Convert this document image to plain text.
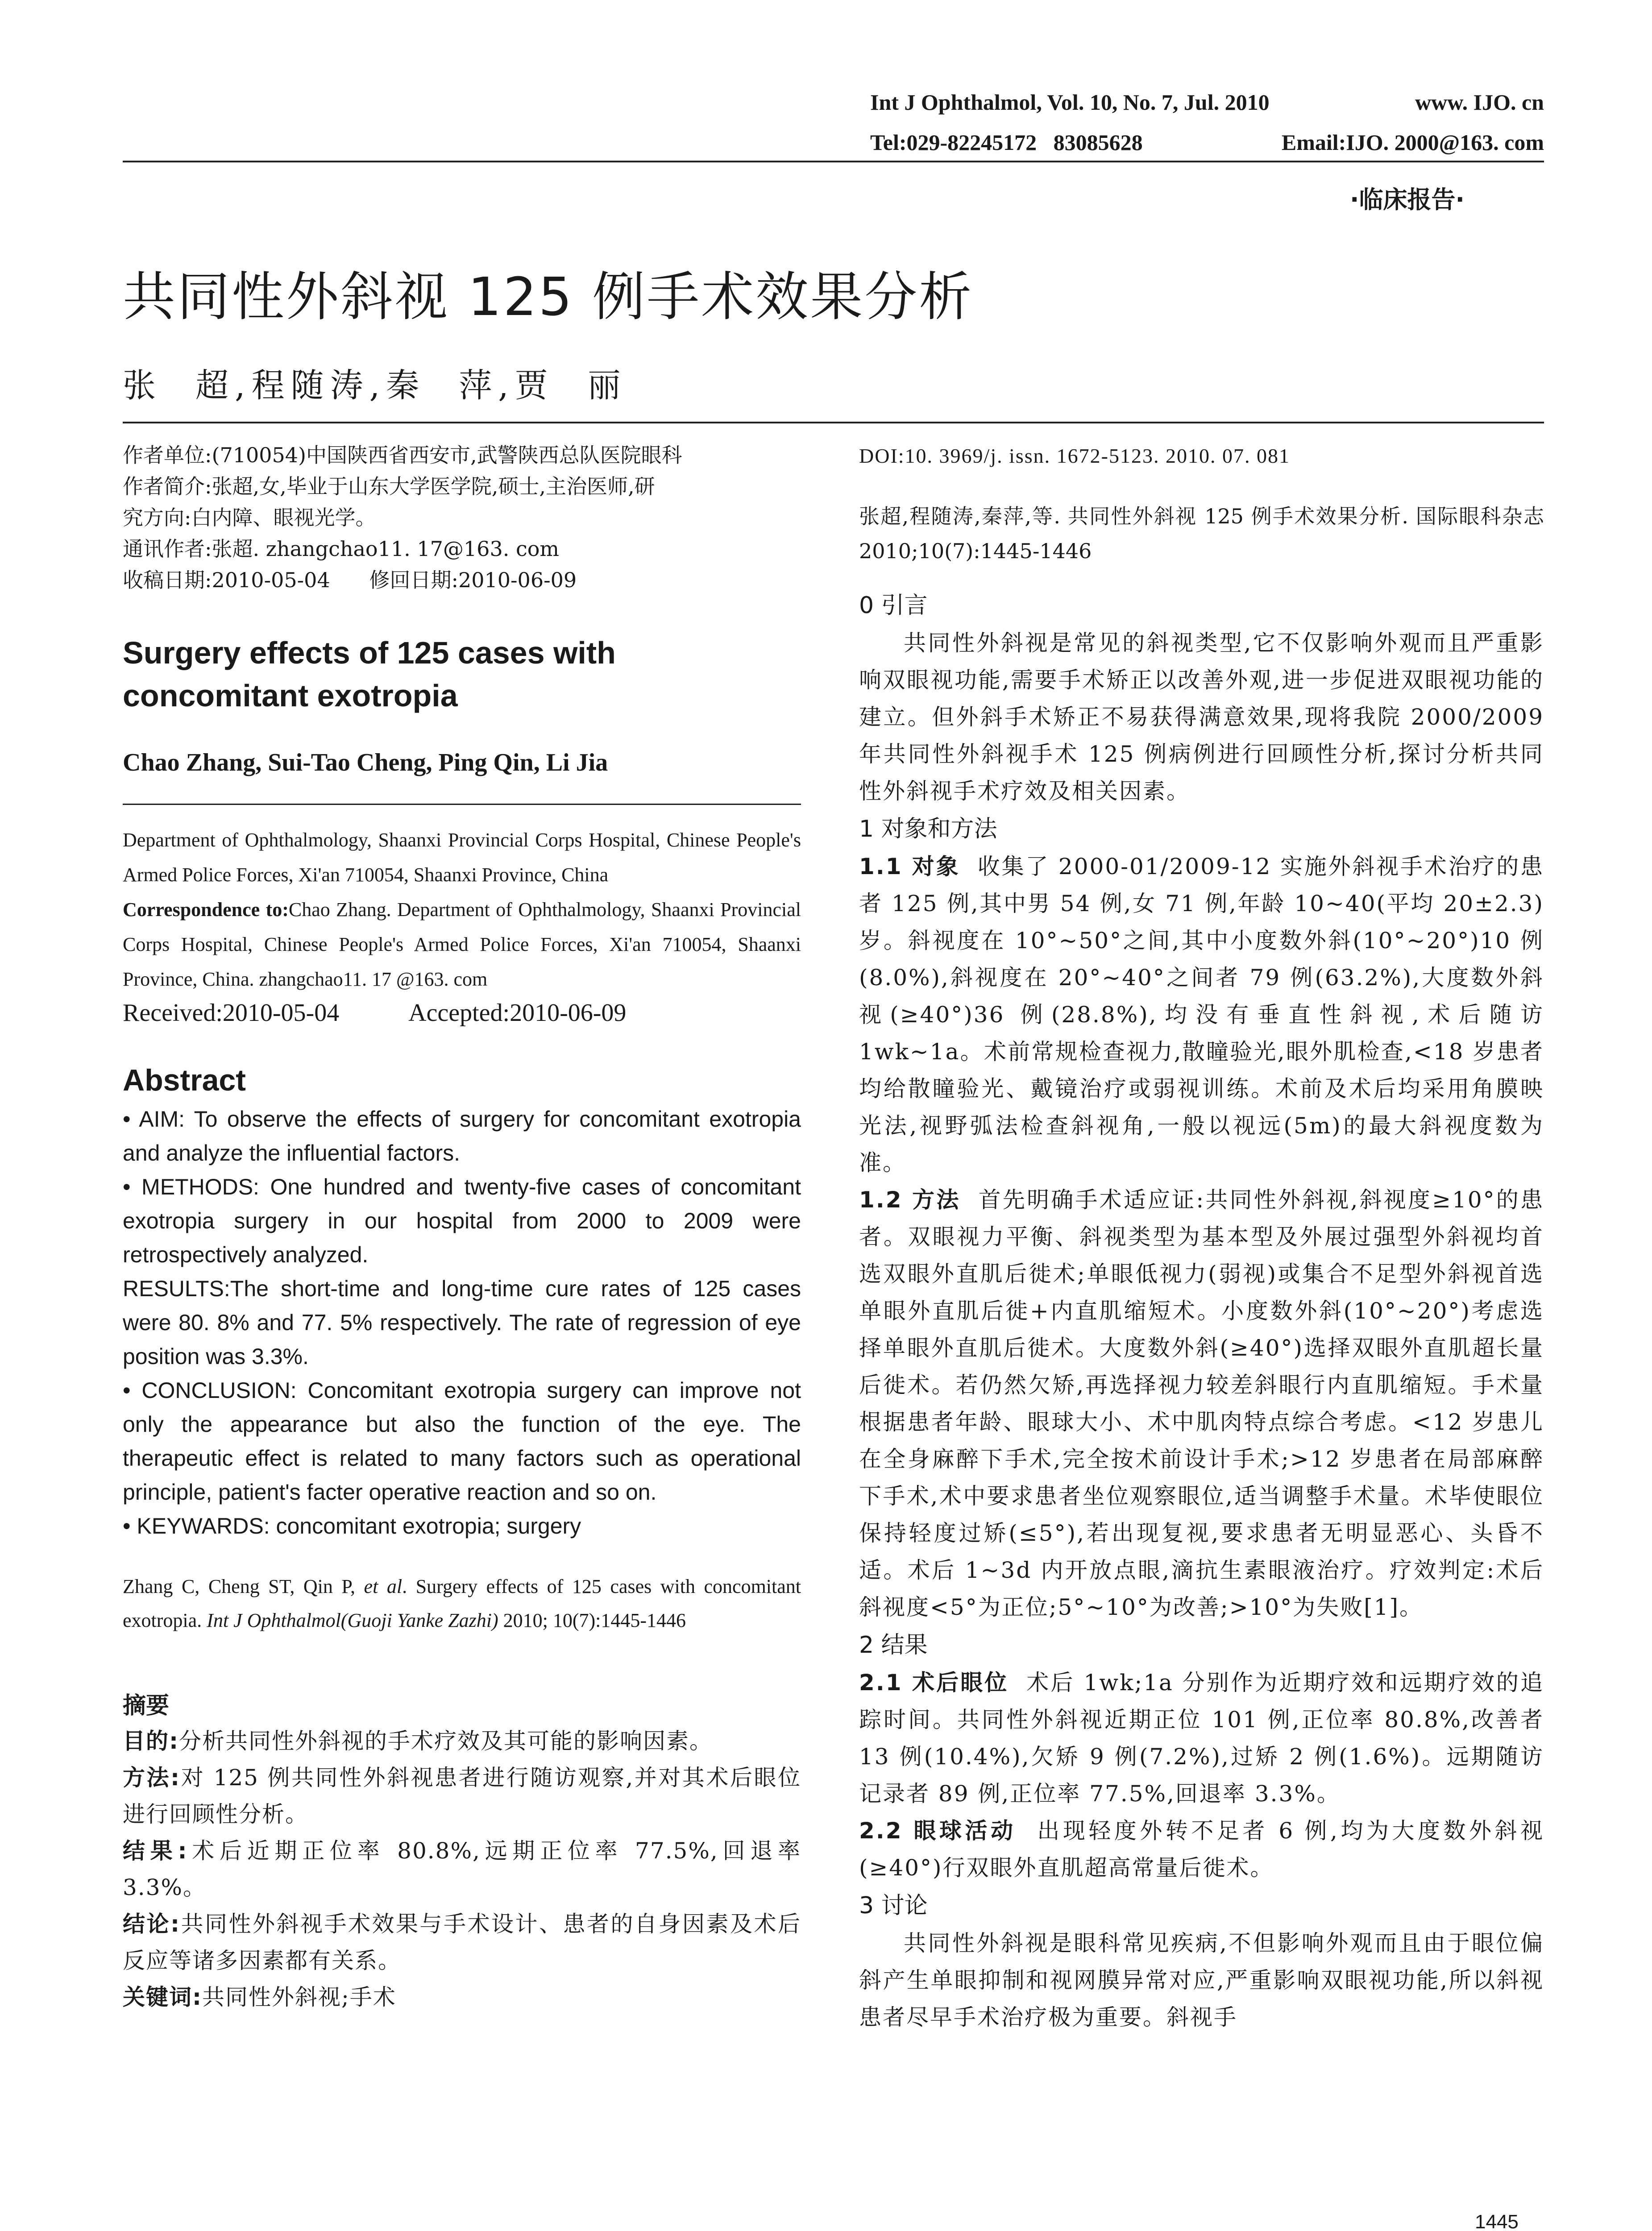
Int J Ophthalmol, Vol. 10, No. 7, Jul. 2010	www. IJO. cn
Tel:029-82245172   83085628	Email:IJO. 2000@163. com
·临床报告·
共同性外斜视 125 例手术效果分析
张  超,程随涛,秦  萍,贾  丽

作者单位:(710054)中国陕西省西安市,武警陕西总队医院眼科

作者简介:张超,女,毕业于山东大学医学院,硕士,主治医师,研

究方向:白内障、眼视光学。

通讯作者:张超. zhangchao11. 17@163. com

收稿日期:2010-05-04      修回日期:2010-06-09

Surgery effects of 125 cases with concomitant exotropia
Chao Zhang, Sui-Tao Cheng, Ping Qin, Li Jia
Department of Ophthalmology, Shaanxi Provincial Corps Hospital, Chinese People's Armed Police Forces, Xi'an 710054, Shaanxi Province, China
Correspondence to:Chao Zhang. Department of Ophthalmology, Shaanxi Provincial Corps Hospital, Chinese People's Armed Police Forces, Xi'an 710054, Shaanxi Province, China. zhangchao11. 17 @163. com
Received:2010-05-04	Accepted:2010-06-09
Abstract

• AIM: To observe the effects of surgery for concomitant exotropia and analyze the influential factors.

• METHODS: One hundred and twenty-five cases of concomitant exotropia surgery in our hospital from 2000 to 2009 were retrospectively analyzed.

RESULTS:The short-time and long-time cure rates of 125 cases were 80. 8% and 77. 5% respectively. The rate of regression of eye position was 3.3%.

• CONCLUSION: Concomitant exotropia surgery can improve not only the appearance but also the function of the eye. The therapeutic effect is related to many factors such as operational principle, patient's facter operative reaction and so on.

• KEYWARDS: concomitant exotropia; surgery

Zhang C, Cheng ST, Qin P, et al. Surgery effects of 125 cases with concomitant exotropia. Int J Ophthalmol(Guoji Yanke Zazhi) 2010; 10(7):1445-1446
摘要

目的:分析共同性外斜视的手术疗效及其可能的影响因素。

方法:对 125 例共同性外斜视患者进行随访观察,并对其术后眼位进行回顾性分析。

结果:术后近期正位率 80.8%,远期正位率 77.5%,回退率 3.3%。

结论:共同性外斜视手术效果与手术设计、患者的自身因素及术后反应等诸多因素都有关系。

关键词:共同性外斜视;手术

DOI:10. 3969/j. issn. 1672-5123. 2010. 07. 081
张超,程随涛,秦萍,等. 共同性外斜视 125 例手术效果分析. 国际眼科杂志 2010;10(7):1445-1446
0 引言

共同性外斜视是常见的斜视类型,它不仅影响外观而且严重影响双眼视功能,需要手术矫正以改善外观,进一步促进双眼视功能的建立。但外斜手术矫正不易获得满意效果,现将我院 2000/2009 年共同性外斜视手术 125 例病例进行回顾性分析,探讨分析共同性外斜视手术疗效及相关因素。

1 对象和方法

1.1 对象 收集了 2000-01/2009-12 实施外斜视手术治疗的患者 125 例,其中男 54 例,女 71 例,年龄 10~40(平均 20±2.3)岁。斜视度在 10°~50°之间,其中小度数外斜(10°~20°)10 例(8.0%),斜视度在 20°~40°之间者 79 例(63.2%),大度数外斜视(≥40°)36 例(28.8%),均没有垂直性斜视,术后随访 1wk~1a。术前常规检查视力,散瞳验光,眼外肌检查,<18 岁患者均给散瞳验光、戴镜治疗或弱视训练。术前及术后均采用角膜映光法,视野弧法检查斜视角,一般以视远(5m)的最大斜视度数为准。

1.2 方法 首先明确手术适应证:共同性外斜视,斜视度≥10°的患者。双眼视力平衡、斜视类型为基本型及外展过强型外斜视均首选双眼外直肌后徙术;单眼低视力(弱视)或集合不足型外斜视首选单眼外直肌后徙+内直肌缩短术。小度数外斜(10°~20°)考虑选择单眼外直肌后徙术。大度数外斜(≥40°)选择双眼外直肌超长量后徙术。若仍然欠矫,再选择视力较差斜眼行内直肌缩短。手术量根据患者年龄、眼球大小、术中肌肉特点综合考虑。<12 岁患儿在全身麻醉下手术,完全按术前设计手术;>12 岁患者在局部麻醉下手术,术中要求患者坐位观察眼位,适当调整手术量。术毕使眼位保持轻度过矫(≤5°),若出现复视,要求患者无明显恶心、头昏不适。术后 1~3d 内开放点眼,滴抗生素眼液治疗。疗效判定:术后斜视度<5°为正位;5°~10°为改善;>10°为失败[1]。

2 结果

2.1 术后眼位 术后 1wk;1a 分别作为近期疗效和远期疗效的追踪时间。共同性外斜视近期正位 101 例,正位率 80.8%,改善者 13 例(10.4%),欠矫 9 例(7.2%),过矫 2 例(1.6%)。远期随访记录者 89 例,正位率 77.5%,回退率 3.3%。

2.2 眼球活动 出现轻度外转不足者 6 例,均为大度数外斜视(≥40°)行双眼外直肌超高常量后徙术。

3 讨论

共同性外斜视是眼科常见疾病,不但影响外观而且由于眼位偏斜产生单眼抑制和视网膜异常对应,严重影响双眼视功能,所以斜视患者尽早手术治疗极为重要。斜视手

1445
